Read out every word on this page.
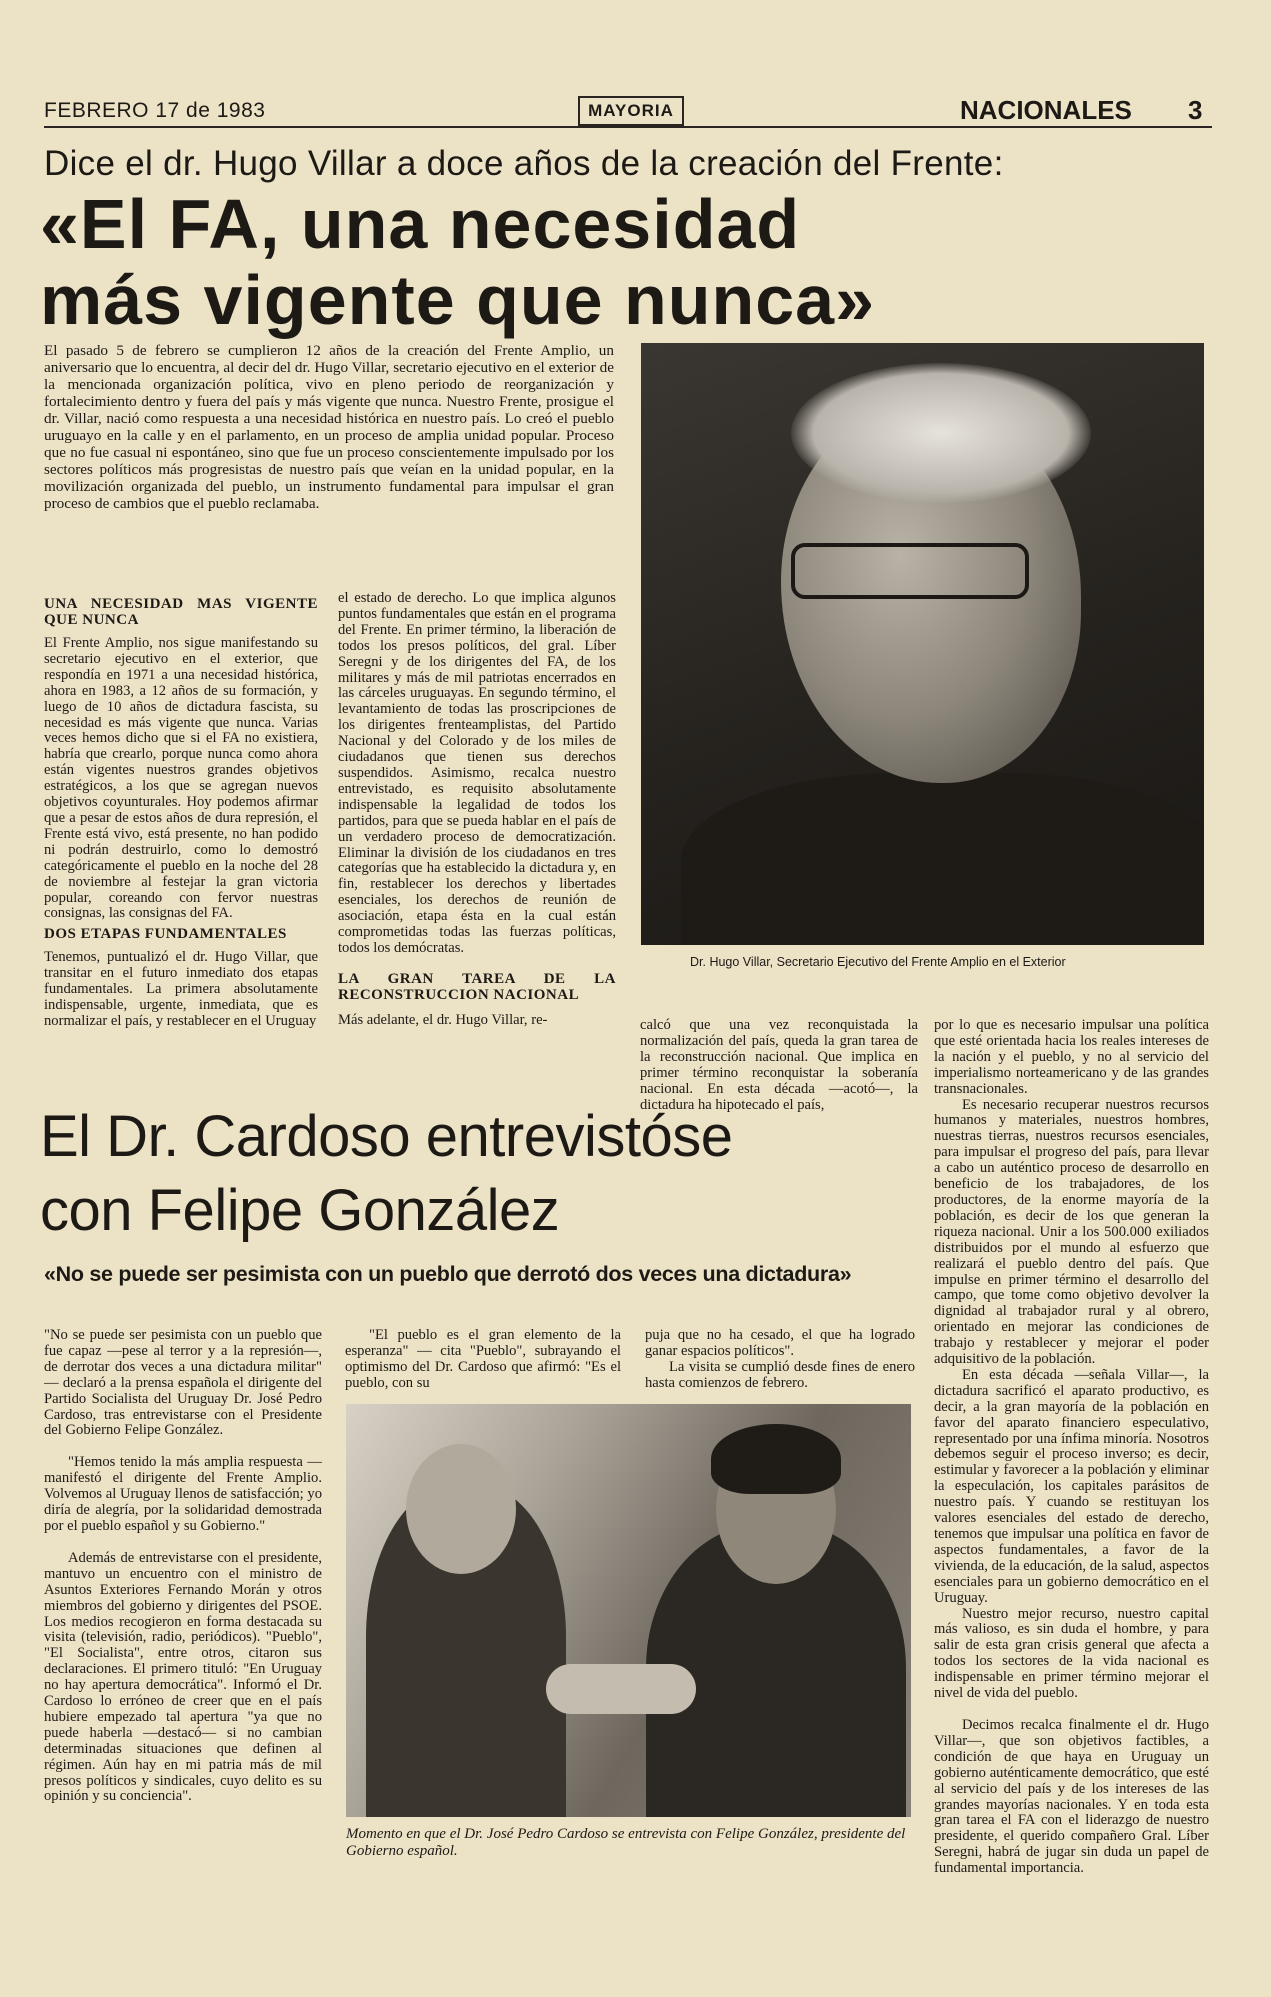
FEBRERO 17 de 1983	MAYORIA	NACIONALES 3
Dice el dr. Hugo Villar a doce años de la creación del Frente:
«El FA, una necesidad
más vigente que nunca»
El pasado 5 de febrero se cumplieron 12 años de la creación del Frente Amplio, un aniversario que lo encuentra, al decir del dr. Hugo Villar, secretario ejecutivo en el exterior de la mencionada organización política, vivo en pleno periodo de reorganización y fortalecimiento dentro y fuera del país y más vigente que nunca. Nuestro Frente, prosigue el dr. Villar, nació como respuesta a una necesidad histórica en nuestro país. Lo creó el pueblo uruguayo en la calle y en el parlamento, en un proceso de amplia unidad popular. Proceso que no fue casual ni espontáneo, sino que fue un proceso conscientemente impulsado por los sectores políticos más progresistas de nuestro país que veían en la unidad popular, en la movilización organizada del pueblo, un instrumento fundamental para impulsar el gran proceso de cambios que el pueblo reclamaba.
Dr. Hugo Villar, Secretario Ejecutivo del Frente Amplio en el Exterior

UNA NECESIDAD MAS VIGENTE QUE NUNCA

El Frente Amplio, nos sigue manifestando su secretario ejecutivo en el exterior, que respondía en 1971 a una necesidad histórica, ahora en 1983, a 12 años de su formación, y luego de 10 años de dictadura fascista, su necesidad es más vigente que nunca. Varias veces hemos dicho que si el FA no existiera, habría que crearlo, porque nunca como ahora están vigentes nuestros grandes objetivos estratégicos, a los que se agregan nuevos objetivos coyunturales. Hoy podemos afirmar que a pesar de estos años de dura represión, el Frente está vivo, está presente, no han podido ni podrán destruirlo, como lo demostró categóricamente el pueblo en la noche del 28 de noviembre al festejar la gran victoria popular, coreando con fervor nuestras consignas, las consignas del FA.

DOS ETAPAS FUNDAMENTALES

Tenemos, puntualizó el dr. Hugo Villar, que transitar en el futuro inmediato dos etapas fundamentales. La primera absolutamente indispensable, urgente, inmediata, que es normalizar el país, y restablecer en el Uruguay

el estado de derecho. Lo que implica algunos puntos fundamentales que están en el programa del Frente. En primer término, la liberación de todos los presos políticos, del gral. Líber Seregni y de los dirigentes del FA, de los militares y más de mil patriotas encerrados en las cárceles uruguayas. En segundo término, el levantamiento de todas las proscripciones de los dirigentes frenteamplistas, del Partido Nacional y del Colorado y de los miles de ciudadanos que tienen sus derechos suspendidos. Asimismo, recalca nuestro entrevistado, es requisito absolutamente indispensable la legalidad de todos los partidos, para que se pueda hablar en el país de un verdadero proceso de democratización. Eliminar la división de los ciudadanos en tres categorías que ha establecido la dictadura y, en fin, restablecer los derechos y libertades esenciales, los derechos de reunión de asociación, etapa ésta en la cual están comprometidas todas las fuerzas políticas, todos los demócratas.

LA GRAN TAREA DE LA RECONSTRUCCION NACIONAL

Más adelante, el dr. Hugo Villar, re-	calcó que una vez reconquistada la normalización del país, queda la gran tarea de la reconstrucción nacional. Que implica en primer término reconquistar la soberanía nacional. En esta década —acotó—, la dictadura ha hipotecado el país,

por lo que es necesario impulsar una política que esté orientada hacia los reales intereses de la nación y el pueblo, y no al servicio del imperialismo norteamericano y de las grandes transnacionales.

Es necesario recuperar nuestros recursos humanos y materiales, nuestros hombres, nuestras tierras, nuestros recursos esenciales, para impulsar el progreso del país, para llevar a cabo un auténtico proceso de desarrollo en beneficio de los trabajadores, de los productores, de la enorme mayoría de la población, es decir de los que generan la riqueza nacional. Unir a los 500.000 exiliados distribuidos por el mundo al esfuerzo que realizará el pueblo dentro del país. Que impulse en primer término el desarrollo del campo, que tome como objetivo devolver la dignidad al trabajador rural y al obrero, orientado en mejorar las condiciones de trabajo y restablecer y mejorar el poder adquisitivo de la población.

En esta década —señala Villar—, la dictadura sacrificó el aparato productivo, es decir, a la gran mayoría de la población en favor del aparato financiero especulativo, representado por una ínfima minoría. Nosotros debemos seguir el proceso inverso; es decir, estimular y favorecer a la población y eliminar la especulación, los capitales parásitos de nuestro país. Y cuando se restituyan los valores esenciales del estado de derecho, tenemos que impulsar una política en favor de aspectos fundamentales, a favor de la vivienda, de la educación, de la salud, aspectos esenciales para un gobierno democrático en el Uruguay.

Nuestro mejor recurso, nuestro capital más valioso, es sin duda el hombre, y para salir de esta gran crisis general que afecta a todos los sectores de la vida nacional es indispensable en primer término mejorar el nivel de vida del pueblo.

Decimos recalca finalmente el dr. Hugo Villar—, que son objetivos factibles, a condición de que haya en Uruguay un gobierno auténticamente democrático, que esté al servicio del país y de los intereses de las grandes mayorías nacionales. Y en toda esta gran tarea el FA con el liderazgo de nuestro presidente, el querido compañero Gral. Líber Seregni, habrá de jugar sin duda un papel de fundamental importancia.

El Dr. Cardoso entrevistóse
con Felipe González
«No se puede ser pesimista con un pueblo que derrotó dos veces una dictadura»

"No se puede ser pesimista con un pueblo que fue capaz —pese al terror y a la represión—, de derrotar dos veces a una dictadura militar" — declaró a la prensa española el dirigente del Partido Socialista del Uruguay Dr. José Pedro Cardoso, tras entrevistarse con el Presidente del Gobierno Felipe González.

"Hemos tenido la más amplia respuesta — manifestó el dirigente del Frente Amplio. Volvemos al Uruguay llenos de satisfacción; yo diría de alegría, por la solidaridad demostrada por el pueblo español y su Gobierno."

Además de entrevistarse con el presidente, mantuvo un encuentro con el ministro de Asuntos Exteriores Fernando Morán y otros miembros del gobierno y dirigentes del PSOE. Los medios recogieron en forma destacada su visita (televisión, radio, periódicos). "Pueblo", "El Socialista", entre otros, citaron sus declaraciones. El primero tituló: "En Uruguay no hay apertura democrática". Informó el Dr. Cardoso lo erróneo de creer que en el país hubiere empezado tal apertura "ya que no puede haberla —destacó— si no cambian determinadas situaciones que definen al régimen. Aún hay en mi patria más de mil presos políticos y sindicales, cuyo delito es su opinión y su conciencia".

"El pueblo es el gran elemento de la esperanza" — cita "Pueblo", subrayando el optimismo del Dr. Cardoso que afirmó: "Es el pueblo, con su

puja que no ha cesado, el que ha logrado ganar espacios políticos".

La visita se cumplió desde fines de enero hasta comienzos de febrero.

Momento en que el Dr. José Pedro Cardoso se entrevista con Felipe González, presidente del Gobierno español.
